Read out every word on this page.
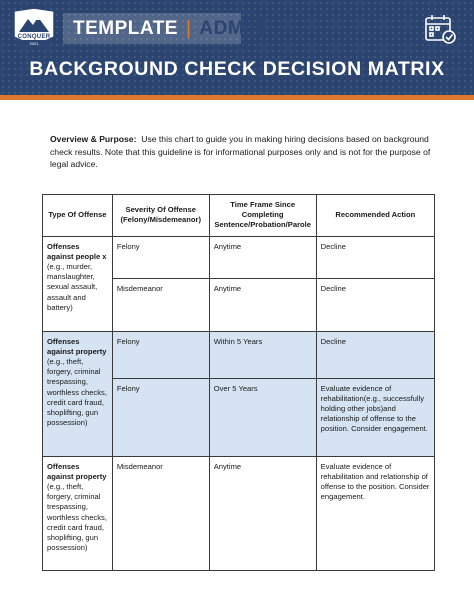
CONQUER
2021
TEMPLATE | ADMIN
BACKGROUND CHECK DECISION MATRIX

Overview & Purpose: Use this chart to guide you in making hiring decisions based on background check results. Note that this guideline is for informational purposes only and is not for the purpose of legal advice.

Type Of Offense	Severity Of Offense (Felony/Misdemeanor)	Time Frame Since Completing Sentence/Probation/Parole	Recommended Action
Offenses against people x
(e.g., murder, manslaughter, sexual assault, assault and battery)	Felony	Anytime	Decline
	Misdemeanor	Anytime	Decline
Offenses against property (e.g., theft, forgery, criminal trespassing, worthless checks, credit card fraud, shoplifting, gun possession)	Felony	Within 5 Years	Decline
	Felony	Over 5 Years	Evaluate evidence of rehabilitation(e.g., successfully holding other jobs)and relationship of offense to the position. Consider engagement.
Offenses against property (e.g., theft, forgery, criminal trespassing, worthless checks, credit card fraud, shoplifting, gun possession)	Misdemeanor	Anytime	Evaluate evidence of rehabilitation and relationship of offense to the position. Consider engagement.
